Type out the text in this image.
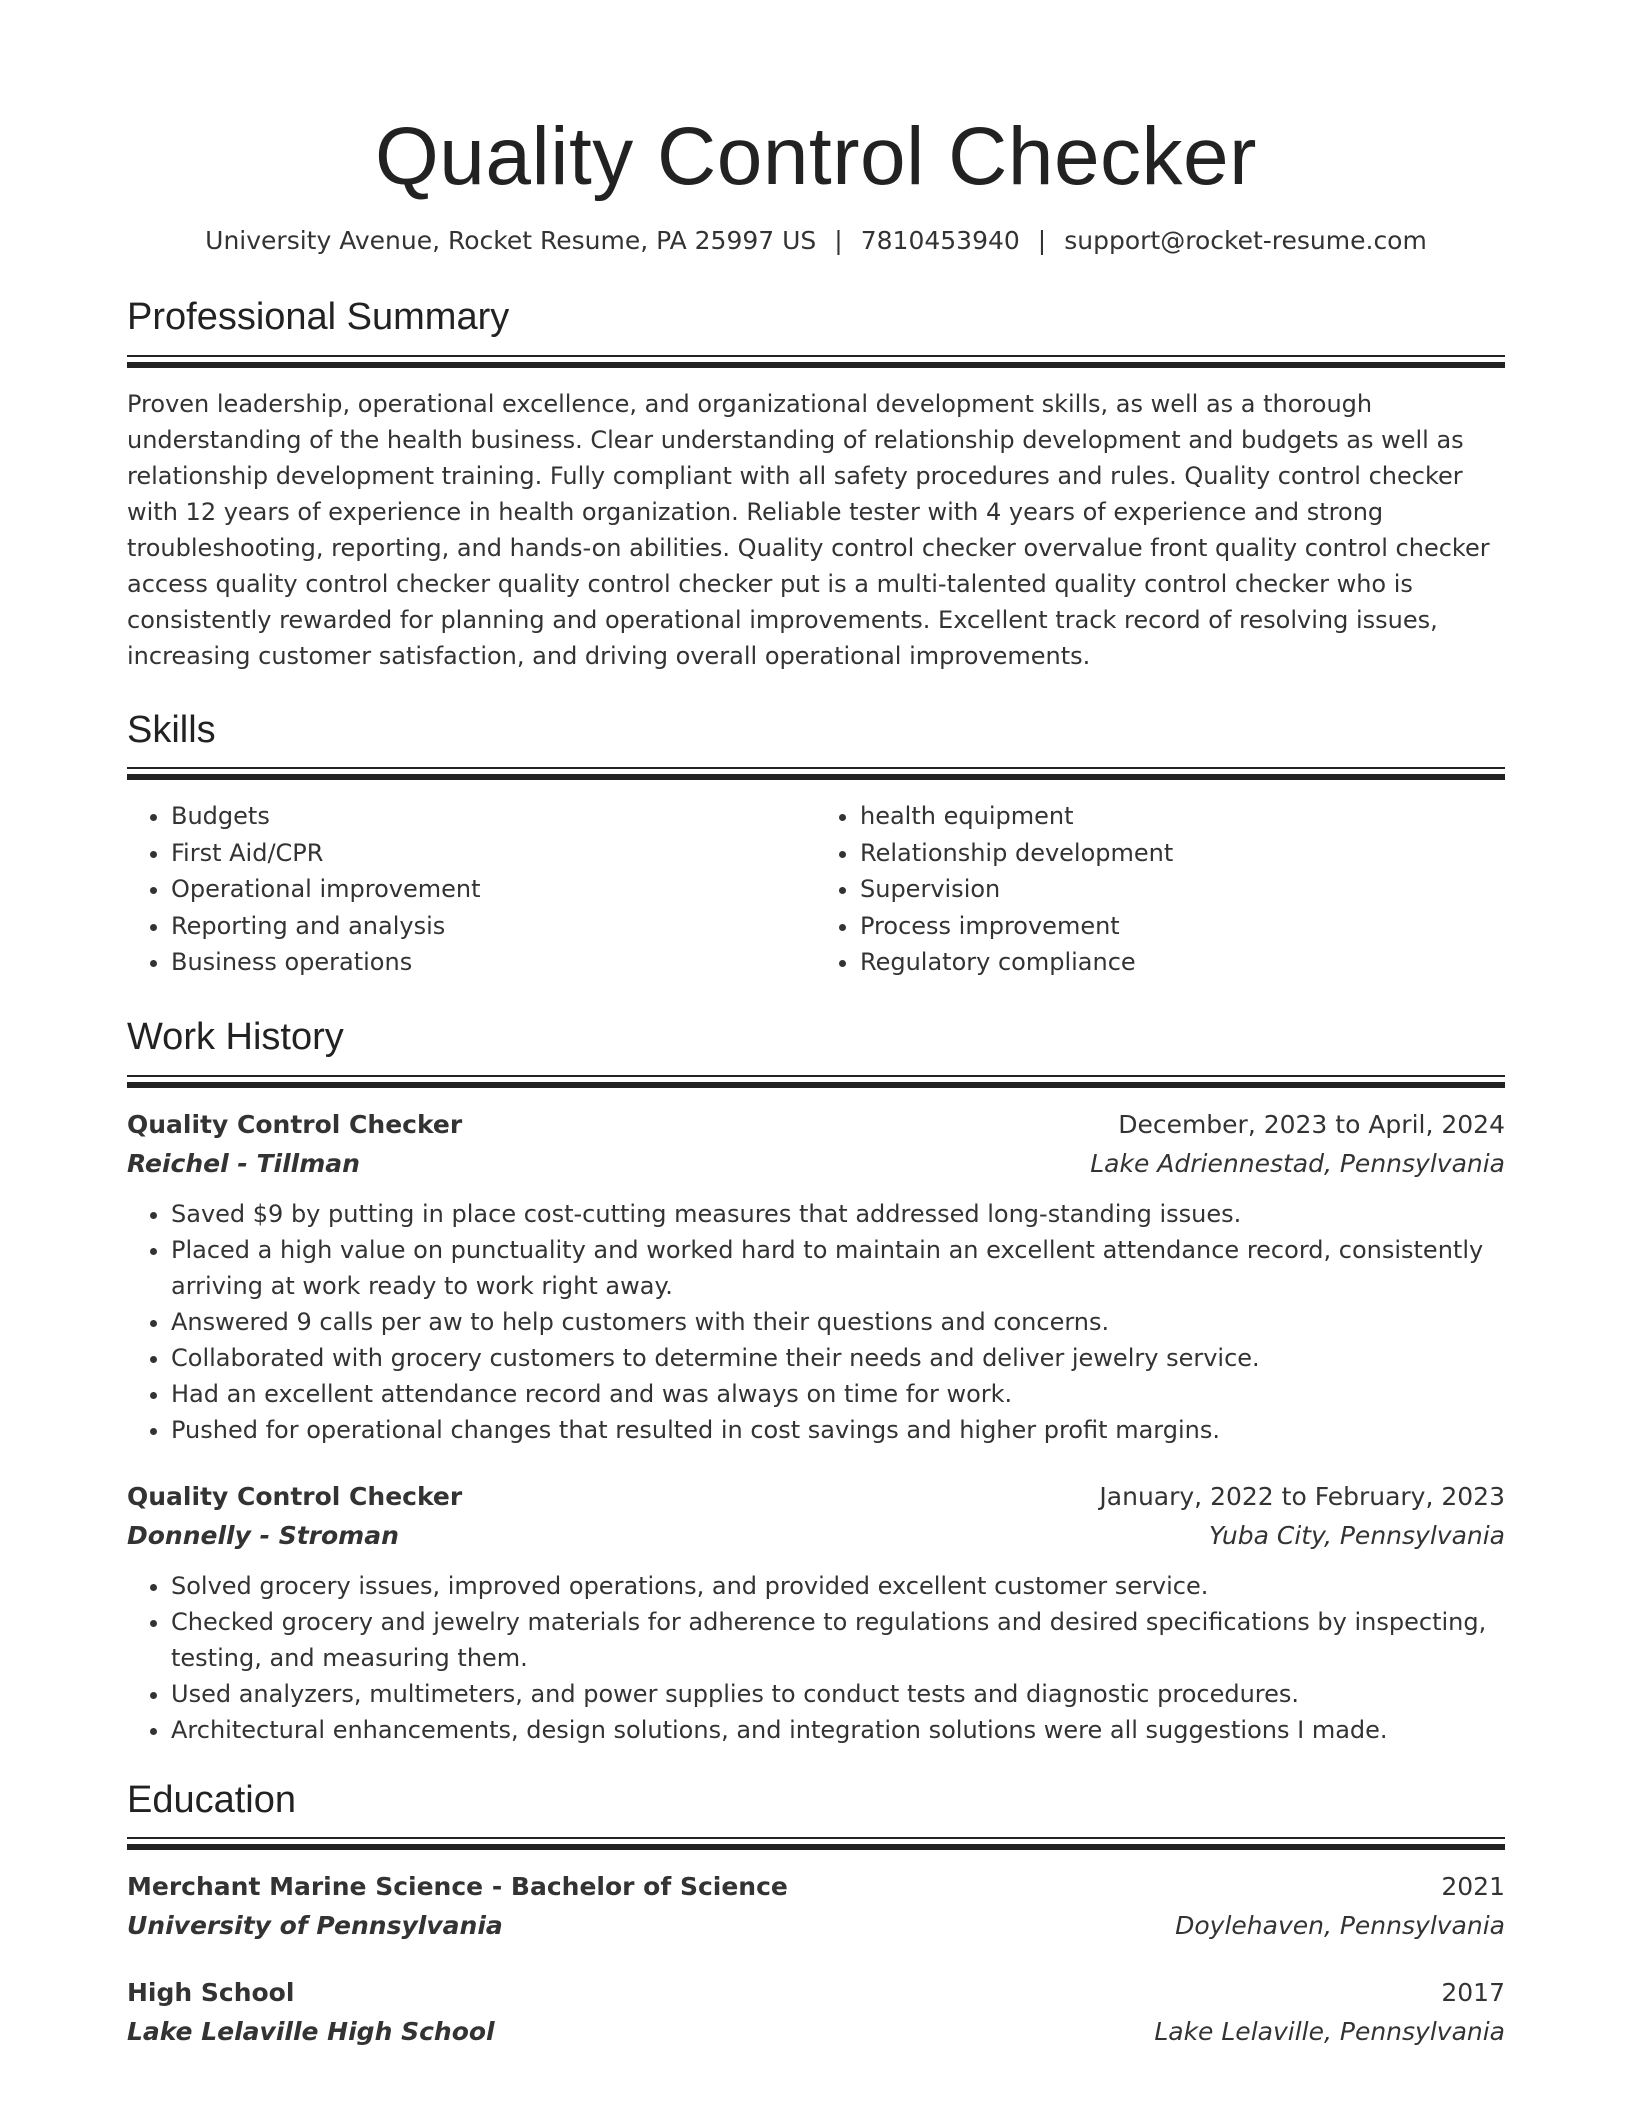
Quality Control Checker
University Avenue, Rocket Resume, PA 25997 US | 7810453940 | support@rocket-resume.com
Professional Summary

Proven leadership, operational excellence, and organizational development skills, as well as a thorough understanding of the health business. Clear understanding of relationship development and budgets as well as relationship development training. Fully compliant with all safety procedures and rules. Quality control checker with 12 years of experience in health organization. Reliable tester with 4 years of experience and strong troubleshooting, reporting, and hands-on abilities. Quality control checker overvalue front quality control checker access quality control checker quality control checker put is a multi-talented quality control checker who is consistently rewarded for planning and operational improvements. Excellent track record of resolving issues, increasing customer satisfaction, and driving overall operational improvements.

Skills
• Budgets
• First Aid/CPR
• Operational improvement
• Reporting and analysis
• Business operations
• health equipment
• Relationship development
• Supervision
• Process improvement
• Regulatory compliance
Work History
Quality Control Checker	December, 2023 to April, 2024
Reichel - Tillman	Lake Adriennestad, Pennsylvania
• Saved $9 by putting in place cost-cutting measures that addressed long-standing issues.
• Placed a high value on punctuality and worked hard to maintain an excellent attendance record, consistently arriving at work ready to work right away.
• Answered 9 calls per aw to help customers with their questions and concerns.
• Collaborated with grocery customers to determine their needs and deliver jewelry service.
• Had an excellent attendance record and was always on time for work.
• Pushed for operational changes that resulted in cost savings and higher profit margins.
Quality Control Checker	January, 2022 to February, 2023
Donnelly - Stroman	Yuba City, Pennsylvania
• Solved grocery issues, improved operations, and provided excellent customer service.
• Checked grocery and jewelry materials for adherence to regulations and desired specifications by inspecting, testing, and measuring them.
• Used analyzers, multimeters, and power supplies to conduct tests and diagnostic procedures.
• Architectural enhancements, design solutions, and integration solutions were all suggestions I made.
Education
Merchant Marine Science - Bachelor of Science	2021
University of Pennsylvania	Doylehaven, Pennsylvania
High School	2017
Lake Lelaville High School	Lake Lelaville, Pennsylvania
